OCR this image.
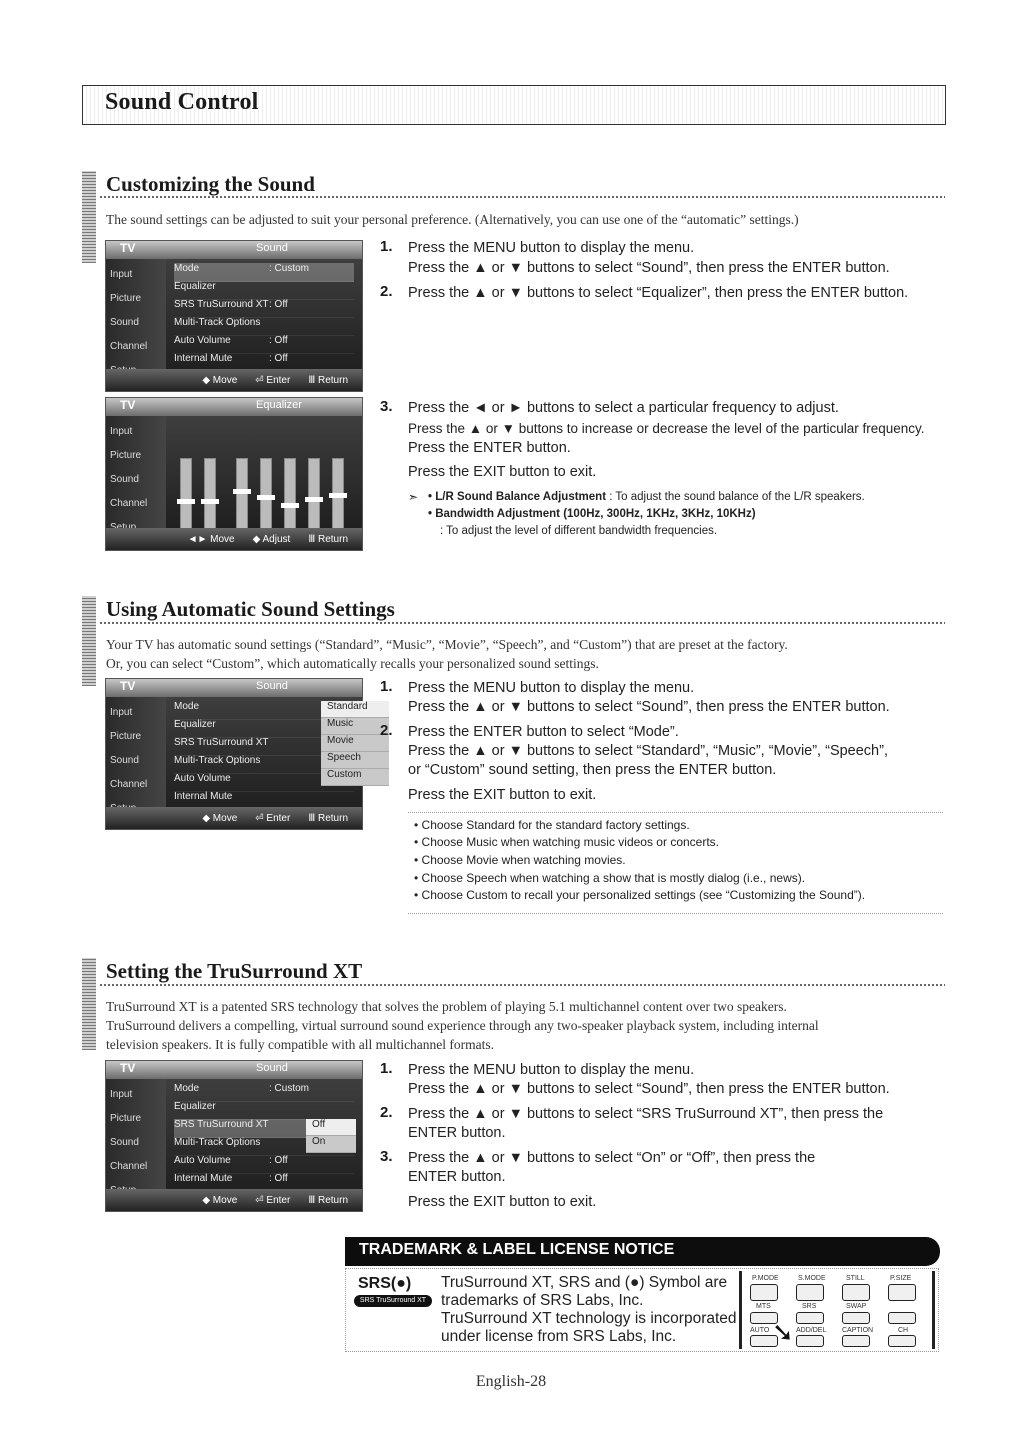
Sound Control
Customizing the Sound
The sound settings can be adjusted to suit your personal preference. (Alternatively, you can use one of the “automatic” settings.)
TV	Sound
Input
Picture
Sound
Channel
Mode	: Custom
Equalizer
SRS TruSurround XT : Off
Multi-Track Options
Auto Volume	: Off
Internal Mute	: Off
◆ Move ⏎ Enter Ⅲ Return
TV	Equalizer
Input
Picture
Sound
Channel
◄► Move ◆ Adjust Ⅲ Return
1. Press the MENU button to display the menu.
Press the ▲ or ▼ buttons to select “Sound”, then press the ENTER button.
2. Press the ▲ or ▼ buttons to select “Equalizer”, then press the ENTER button.
3. Press the ◄ or ► buttons to select a particular frequency to adjust.
Press the ▲ or ▼ buttons to increase or decrease the level of the particular frequency.
Press the ENTER button.
Press the EXIT button to exit.
➣ • L/R Sound Balance Adjustment : To adjust the sound balance of the L/R speakers.
• Bandwidth Adjustment (100Hz, 300Hz, 1KHz, 3KHz, 10KHz)
: To adjust the level of different bandwidth frequencies.
Using Automatic Sound Settings
Your TV has automatic sound settings (“Standard”, “Music”, “Movie”, “Speech”, and “Custom”) that are preset at the factory.
Or, you can select “Custom”, which automatically recalls your personalized sound settings.
TV	Sound
Input
Picture
Sound
Channel
Mode
Equalizer
SRS TruSurround XT
Multi-Track Options
Auto Volume
Internal Mute
Standard
Music
Movie
Speech
Custom
◆ Move ⏎ Enter Ⅲ Return
1. Press the MENU button to display the menu.
Press the ▲ or ▼ buttons to select “Sound”, then press the ENTER button.
2. Press the ENTER button to select “Mode”.
Press the ▲ or ▼ buttons to select “Standard”, “Music”, “Movie”, “Speech”,
or “Custom” sound setting, then press the ENTER button.
Press the EXIT button to exit.
• Choose Standard for the standard factory settings.
• Choose Music when watching music videos or concerts.
• Choose Movie when watching movies.
• Choose Speech when watching a show that is mostly dialog (i.e., news).
• Choose Custom to recall your personalized settings (see “Customizing the Sound”).
Setting the TruSurround XT
TruSurround XT is a patented SRS technology that solves the problem of playing 5.1 multichannel content over two speakers.
TruSurround delivers a compelling, virtual surround sound experience through any two-speaker playback system, including internal
television speakers. It is fully compatible with all multichannel formats.
TV	Sound
Input
Picture
Sound
Channel
Mode	: Custom
Equalizer
SRS TruSurround XT
Multi-Track Options
Auto Volume	: Off
Internal Mute	: Off
Off
On
◆ Move ⏎ Enter Ⅲ Return
1. Press the MENU button to display the menu.
Press the ▲ or ▼ buttons to select “Sound”, then press the ENTER button.
2. Press the ▲ or ▼ buttons to select “SRS TruSurround XT”, then press the
ENTER button.
3. Press the ▲ or ▼ buttons to select “On” or “Off”, then press the
ENTER button.
Press the EXIT button to exit.
TRADEMARK & LABEL LICENSE NOTICE
SRS(●)
SRS TruSurround XT
TruSurround XT, SRS and (●) Symbol are
trademarks of SRS Labs, Inc.
TruSurround XT technology is incorporated
under license from SRS Labs, Inc.
P.MODE	S.MODE	STILL	P.SIZE
MTS	SRS	SWAP
AUTO	ADD/DEL CAPTION	CH
➘
English-28
